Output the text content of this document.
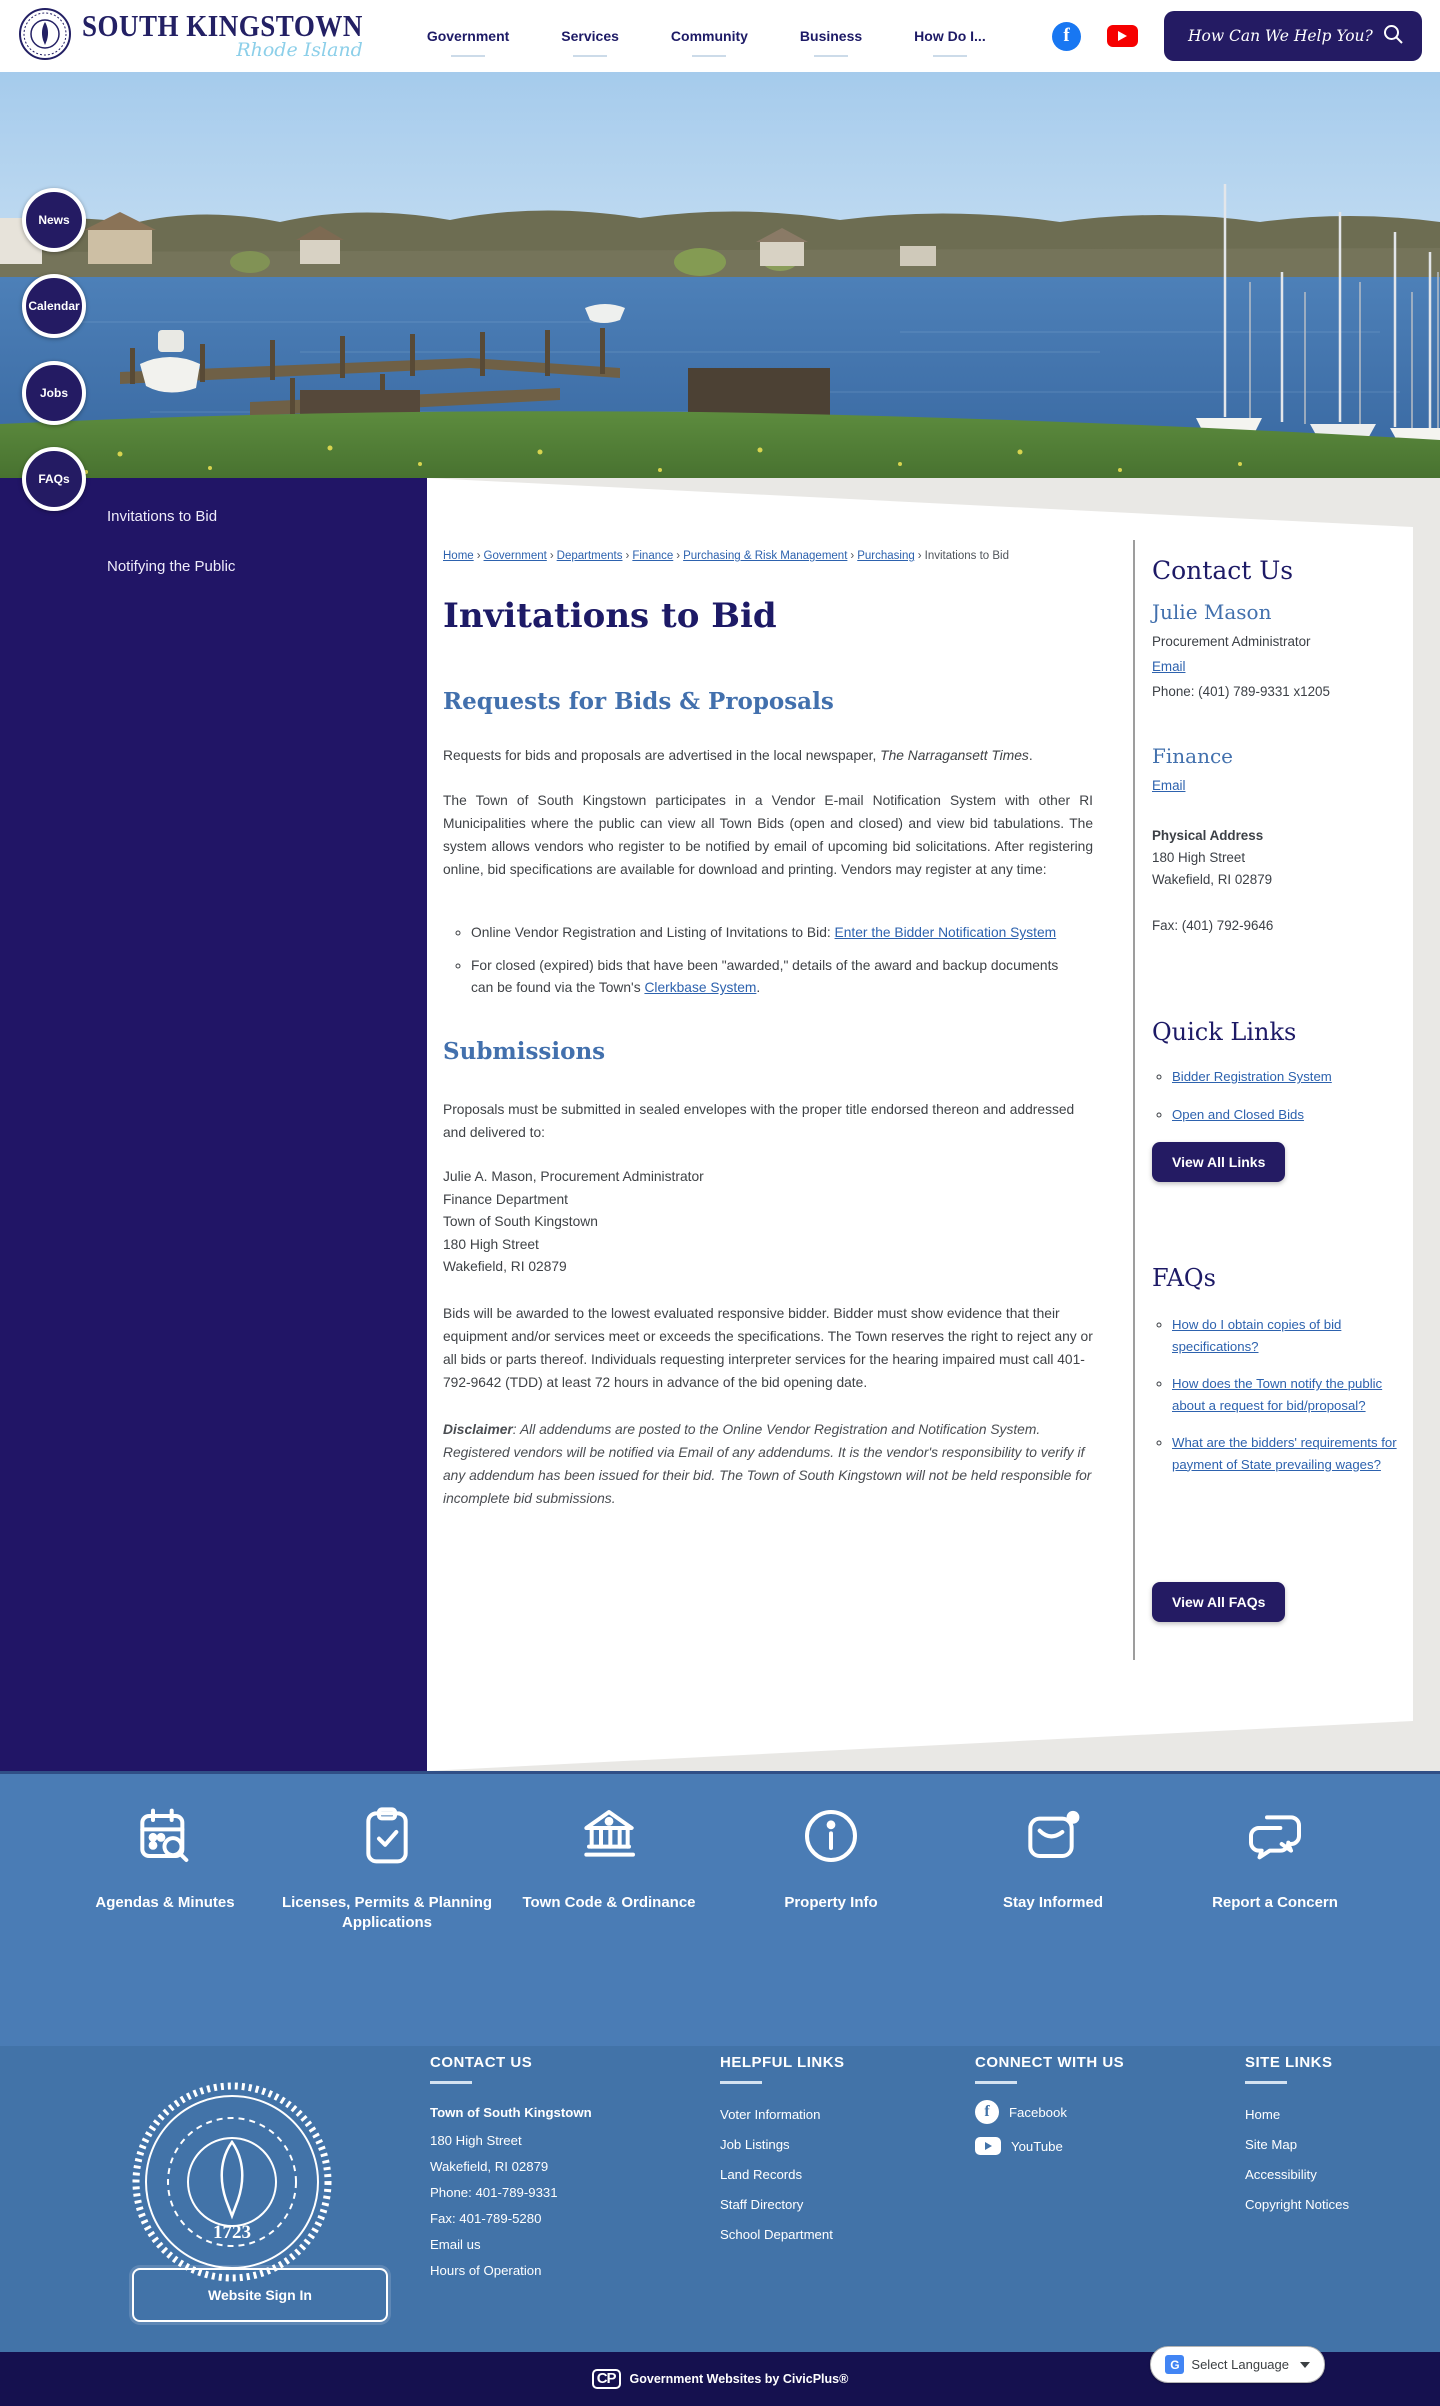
SOUTH KINGSTOWN
Rhode Island
Government	Services	Community	Business	How Do I...	f	How Can We Help You?
News
Calendar
Jobs
FAQs
Invitations to Bid
Notifying the Public
Home › Government › Departments › Finance › Purchasing & Risk Management › Purchasing › Invitations to Bid
Invitations to Bid
Requests for Bids & Proposals

Requests for bids and proposals are advertised in the local newspaper, The Narragansett Times.

The Town of South Kingstown participates in a Vendor E-mail Notification System with other RI Municipalities where the public can view all Town Bids (open and closed) and view bid tabulations. The system allows vendors who register to be notified by email of upcoming bid solicitations. After registering online, bid specifications are available for download and printing. Vendors may register at any time:

◦ Online Vendor Registration and Listing of Invitations to Bid: Enter the Bidder Notification System
◦ For closed (expired) bids that have been "awarded," details of the award and backup documents can be found via the Town's Clerkbase System.
Submissions

Proposals must be submitted in sealed envelopes with the proper title endorsed thereon and addressed and delivered to:

Julie A. Mason, Procurement Administrator
Finance Department
Town of South Kingstown
180 High Street
Wakefield, RI 02879

Bids will be awarded to the lowest evaluated responsive bidder. Bidder must show evidence that their equipment and/or services meet or exceeds the specifications. The Town reserves the right to reject any or all bids or parts thereof. Individuals requesting interpreter services for the hearing impaired must call 401-792-9642 (TDD) at least 72 hours in advance of the bid opening date.

Disclaimer: All addendums are posted to the Online Vendor Registration and Notification System. Registered vendors will be notified via Email of any addendums. It is the vendor's responsibility to verify if any addendum has been issued for their bid. The Town of South Kingstown will not be held responsible for incomplete bid submissions.

Contact Us
Julie Mason
Procurement Administrator
Email
Phone: (401) 789-9331 x1205
Finance
Email
Physical Address
180 High Street
Wakefield, RI 02879
Fax: (401) 792-9646
Quick Links
◦ Bidder Registration System
◦ Open and Closed Bids
View All Links
FAQs
◦ How do I obtain copies of bid specifications?
◦ How does the Town notify the public about a request for bid/proposal?
◦ What are the bidders' requirements for payment of State prevailing wages?
View All FAQs
Agendas & Minutes	Licenses, Permits & Planning Applications
Town Code & Ordinance	Property Info	Stay Informed	Report a Concern
1723
Website Sign In
CONTACT US
Town of South Kingstown
180 High Street
Wakefield, RI 02879
Phone: 401-789-9331
Fax: 401-789-5280
Email us
Hours of Operation
HELPFUL LINKS
Voter Information
Job Listings
Land Records
Staff Directory
School Department
CONNECT WITH US
f	Facebook
YouTube
SITE LINKS
Home
Site Map
Accessibility
Copyright Notices
CP	Government Websites by CivicPlus®
G Select Language
